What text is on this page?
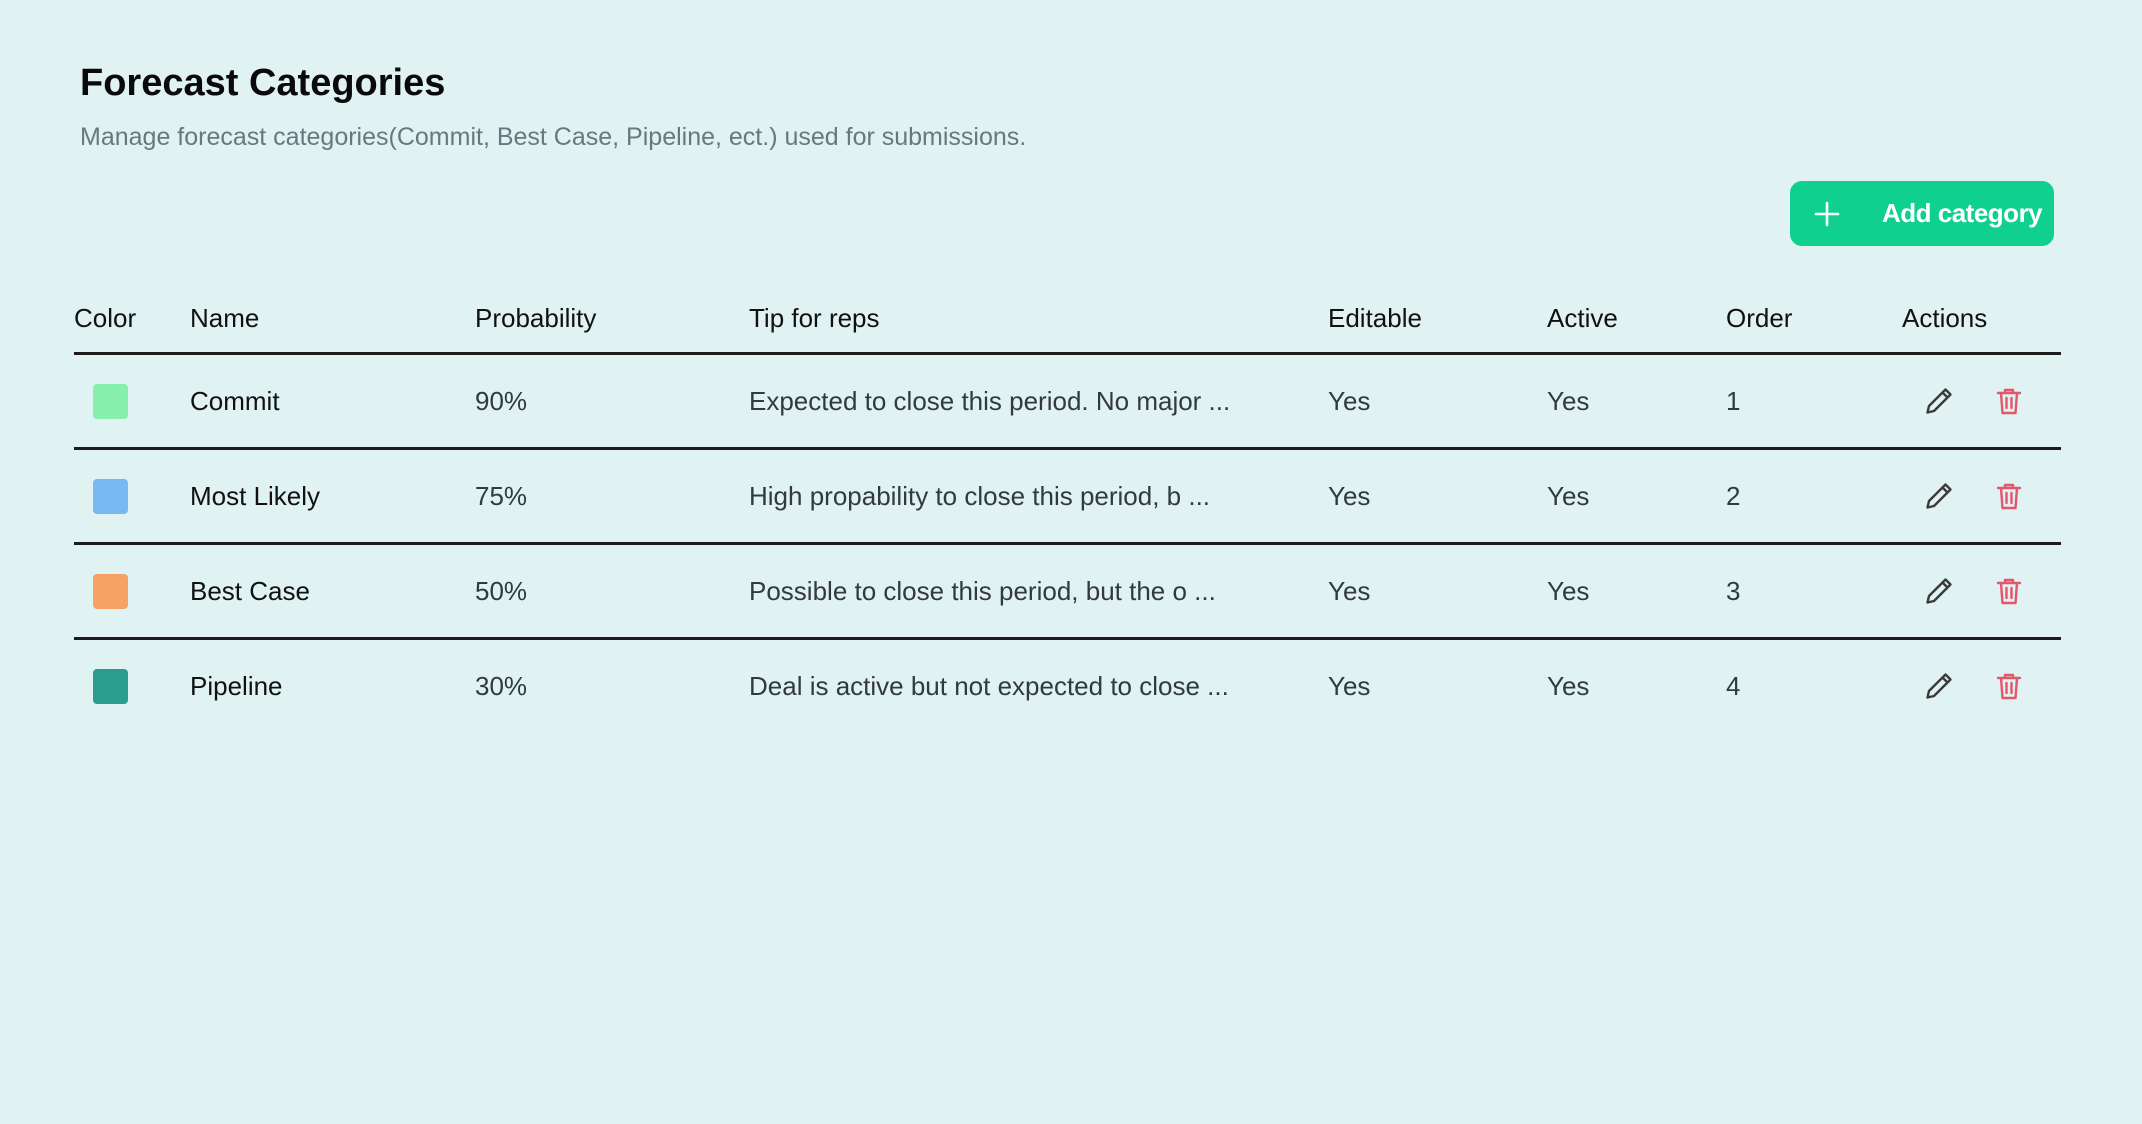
Forecast Categories

Manage forecast categories(Commit, Best Case, Pipeline, ect.) used for submissions.

Add category
Color	Name	Probability	Tip for reps	Editable	Active	Order	Actions

	Commit	90%	Expected to close this period. No major ...	Yes	Yes	1	

	Most Likely	75%	High propability to close this period, b ...	Yes	Yes	2	

	Best Case	50%	Possible to close this period, but the o ...	Yes	Yes	3	

	Pipeline	30%	Deal is active but not expected to close ...	Yes	Yes	4	
